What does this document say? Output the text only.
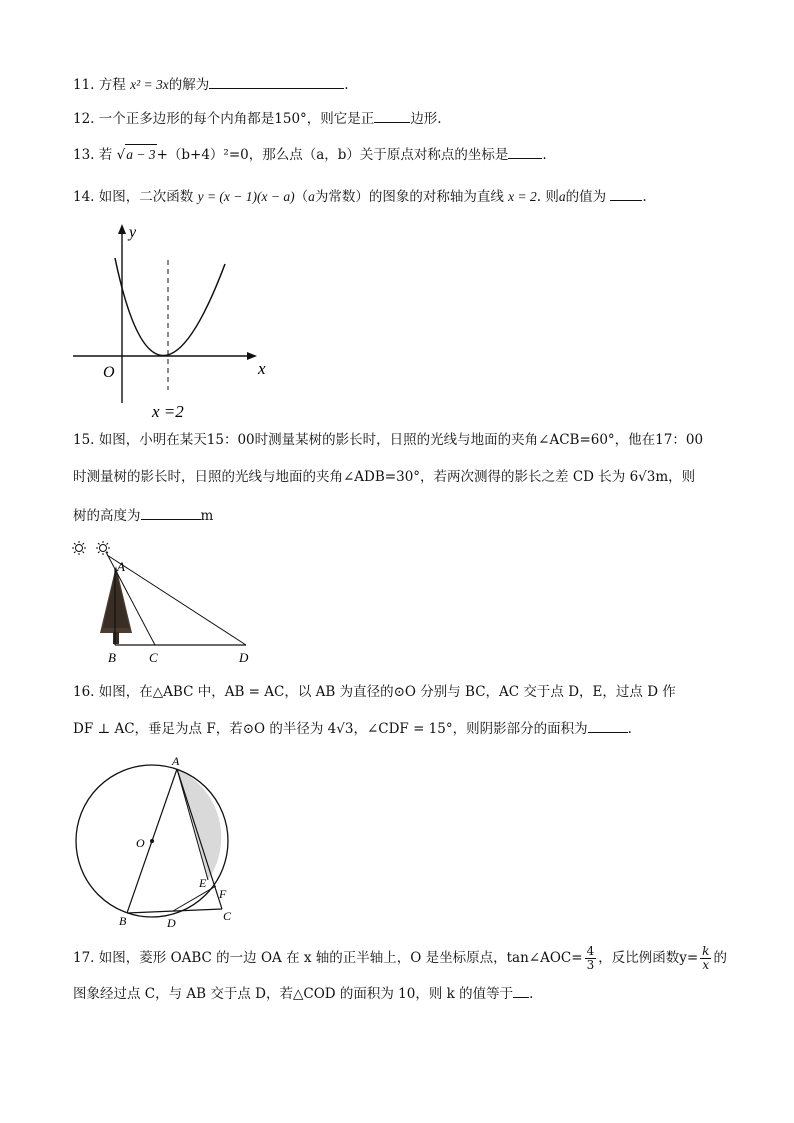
11. 方程 x² = 3x的解为	.
12. 一个正多边形的每个内角都是150°，则它是正	边形.
13. 若 √a − 3+（b+4）²=0，那么点（a，b）关于原点对称点的坐标是	.
14. 如图，二次函数 y = (x − 1)(x − a)（a为常数）的图象的对称轴为直线 x = 2. 则a的值为	.
y
x
O
x =2
15. 如图，小明在某天15：00时测量某树的影长时，日照的光线与地面的夹角∠ACB=60°，他在17：00
时测量树的影长时，日照的光线与地面的夹角∠ADB=30°，若两次测得的影长之差 CD 长为 6√3m，则
树的高度为	m
A
B	C	D
16. 如图，在△ABC 中，AB = AC，以 AB 为直径的⊙O 分别与 BC，AC 交于点 D，E，过点 D 作
DF ⊥ AC，垂足为点 F，若⊙O 的半径为 4√3，∠CDF = 15°，则阴影部分的面积为	.
A
O
E
F
B	D	C
17. 如图，菱形 OABC 的一边 OA 在 x 轴的正半轴上，O 是坐标原点，tan∠AOC= $\frac{4}{3}$ ，反比例函数$y= \frac{k}{x}$ 的
图象经过点 C，与 AB 交于点 D，若△COD 的面积为 10，则 k 的值等于 .
